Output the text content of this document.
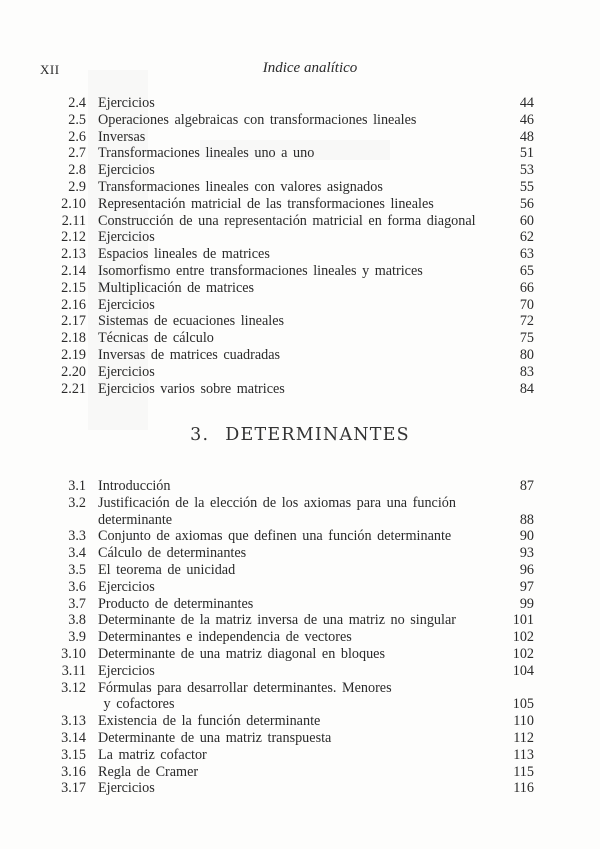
XII	Indice analítico
2.4 Ejercicios	44
2.5 Operaciones algebraicas con transformaciones lineales	46
2.6 Inversas	48
2.7 Transformaciones lineales uno a uno	51
2.8 Ejercicios	53
2.9 Transformaciones lineales con valores asignados	55
2.10 Representación matricial de las transformaciones lineales	56
2.11 Construcción de una representación matricial en forma diagonal	60
2.12 Ejercicios	62
2.13 Espacios lineales de matrices	63
2.14 Isomorfismo entre transformaciones lineales y matrices	65
2.15 Multiplicación de matrices	66
2.16 Ejercicios	70
2.17 Sistemas de ecuaciones lineales	72
2.18 Técnicas de cálculo	75
2.19 Inversas de matrices cuadradas	80
2.20 Ejercicios	83
2.21 Ejercicios varios sobre matrices	84
3. DETERMINANTES
3.1 Introducción	87
3.2 Justificación de la elección de los axiomas para una función
determinante	88
3.3 Conjunto de axiomas que definen una función determinante	90
3.4 Cálculo de determinantes	93
3.5 El teorema de unicidad	96
3.6 Ejercicios	97
3.7 Producto de determinantes	99
3.8 Determinante de la matriz inversa de una matriz no singular	101
3.9 Determinantes e independencia de vectores	102
3.10 Determinante de una matriz diagonal en bloques	102
3.11 Ejercicios	104
3.12 Fórmulas para desarrollar determinantes. Menores
y cofactores	105
3.13 Existencia de la función determinante	110
3.14 Determinante de una matriz transpuesta	112
3.15 La matriz cofactor	113
3.16 Regla de Cramer	115
3.17 Ejercicios	116
